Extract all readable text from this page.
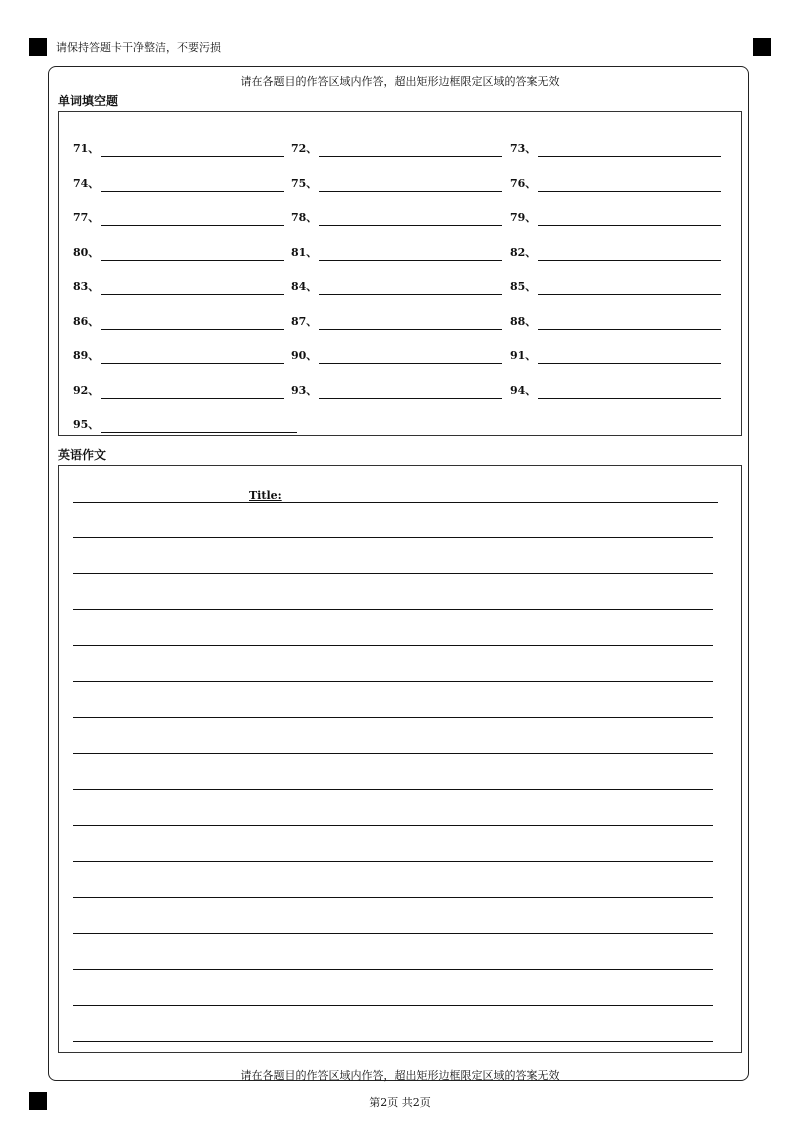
请保持答题卡干净整洁，不要污损
请在各题目的作答区域内作答，超出矩形边框限定区域的答案无效
单词填空题
71、	72、	73、
74、	75、	76、
77、	78、	79、
80、	81、	82、
83、	84、	85、
86、	87、	88、
89、	90、	91、
92、	93、	94、
95、
英语作文
Title:
请在各题目的作答区域内作答，超出矩形边框限定区域的答案无效
第2页 共2页
